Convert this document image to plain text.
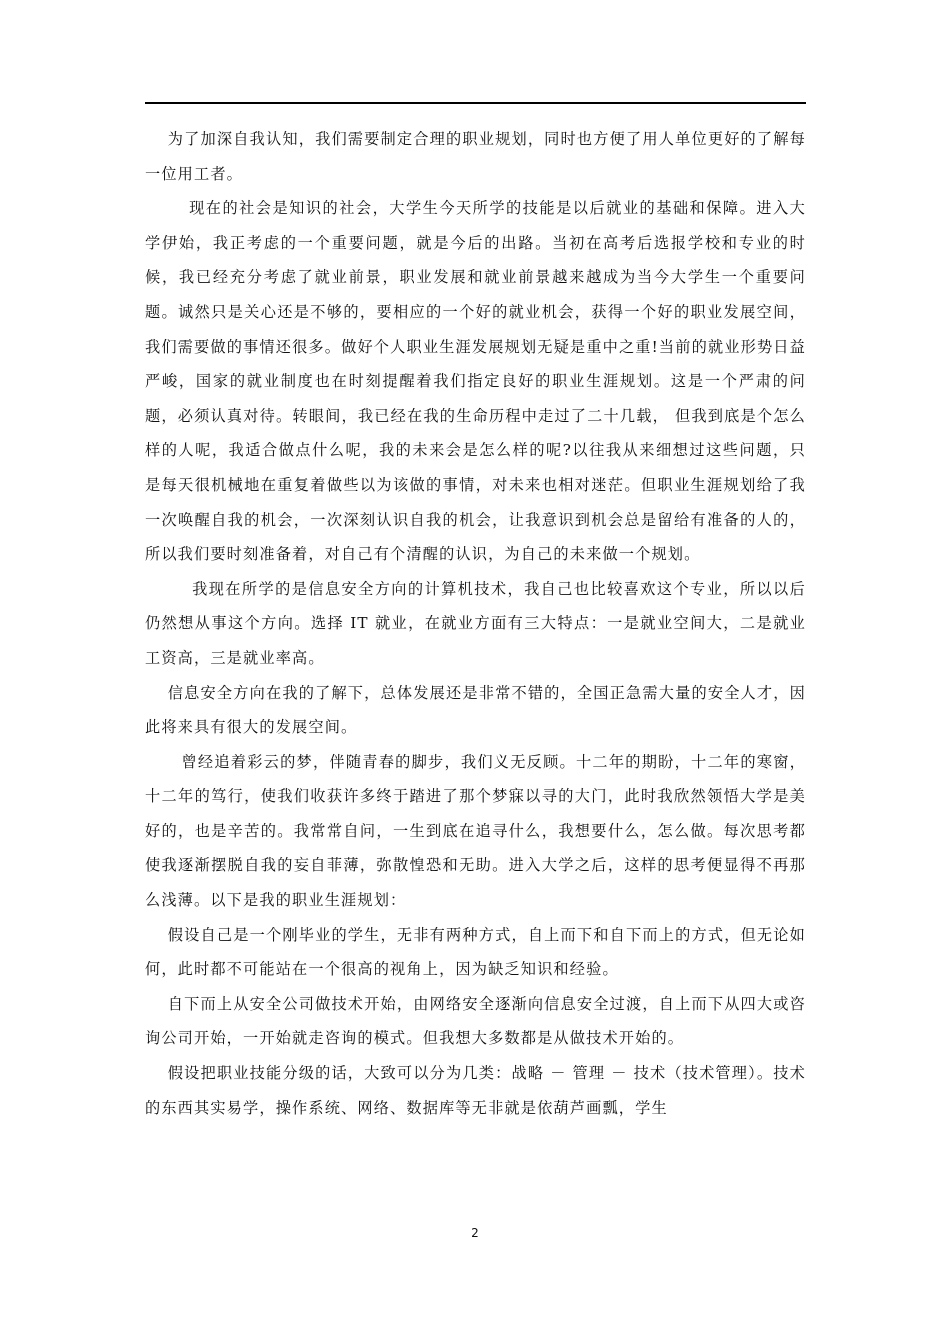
为了加深自我认知，我们需要制定合理的职业规划，同时也方便了用人单位更好的了解每一位用工者。

现在的社会是知识的社会，大学生今天所学的技能是以后就业的基础和保障。进入大学伊始，我正考虑的一个重要问题，就是今后的出路。当初在高考后选报学校和专业的时候，我已经充分考虑了就业前景，职业发展和就业前景越来越成为当今大学生一个重要问题。诚然只是关心还是不够的，要相应的一个好的就业机会，获得一个好的职业发展空间，我们需要做的事情还很多。做好个人职业生涯发展规划无疑是重中之重!当前的就业形势日益严峻，国家的就业制度也在时刻提醒着我们指定良好的职业生涯规划。这是一个严肃的问题，必须认真对待。转眼间，我已经在我的生命历程中走过了二十几载， 但我到底是个怎么样的人呢，我适合做点什么呢，我的未来会是怎么样的呢?以往我从来细想过这些问题，只是每天很机械地在重复着做些以为该做的事情，对未来也相对迷茫。但职业生涯规划给了我一次唤醒自我的机会，一次深刻认识自我的机会，让我意识到机会总是留给有准备的人的，所以我们要时刻准备着，对自己有个清醒的认识，为自己的未来做一个规划。

我现在所学的是信息安全方向的计算机技术，我自己也比较喜欢这个专业，所以以后仍然想从事这个方向。选择 IT 就业，在就业方面有三大特点：一是就业空间大，二是就业工资高，三是就业率高。

信息安全方向在我的了解下，总体发展还是非常不错的，全国正急需大量的安全人才，因此将来具有很大的发展空间。

曾经追着彩云的梦，伴随青春的脚步，我们义无反顾。十二年的期盼，十二年的寒窗，十二年的笃行，使我们收获许多终于踏进了那个梦寐以寻的大门，此时我欣然领悟大学是美好的，也是辛苦的。我常常自问，一生到底在追寻什么，我想要什么，怎么做。每次思考都使我逐渐摆脱自我的妄自菲薄，弥散惶恐和无助。进入大学之后，这样的思考便显得不再那么浅薄。以下是我的职业生涯规划：

假设自己是一个刚毕业的学生，无非有两种方式，自上而下和自下而上的方式，但无论如何，此时都不可能站在一个很高的视角上，因为缺乏知识和经验。

自下而上从安全公司做技术开始，由网络安全逐渐向信息安全过渡，自上而下从四大或咨询公司开始，一开始就走咨询的模式。但我想大多数都是从做技术开始的。

假设把职业技能分级的话，大致可以分为几类：战略 － 管理 － 技术（技术管理）。技术的东西其实易学，操作系统、网络、数据库等无非就是依葫芦画瓢，学生

2
